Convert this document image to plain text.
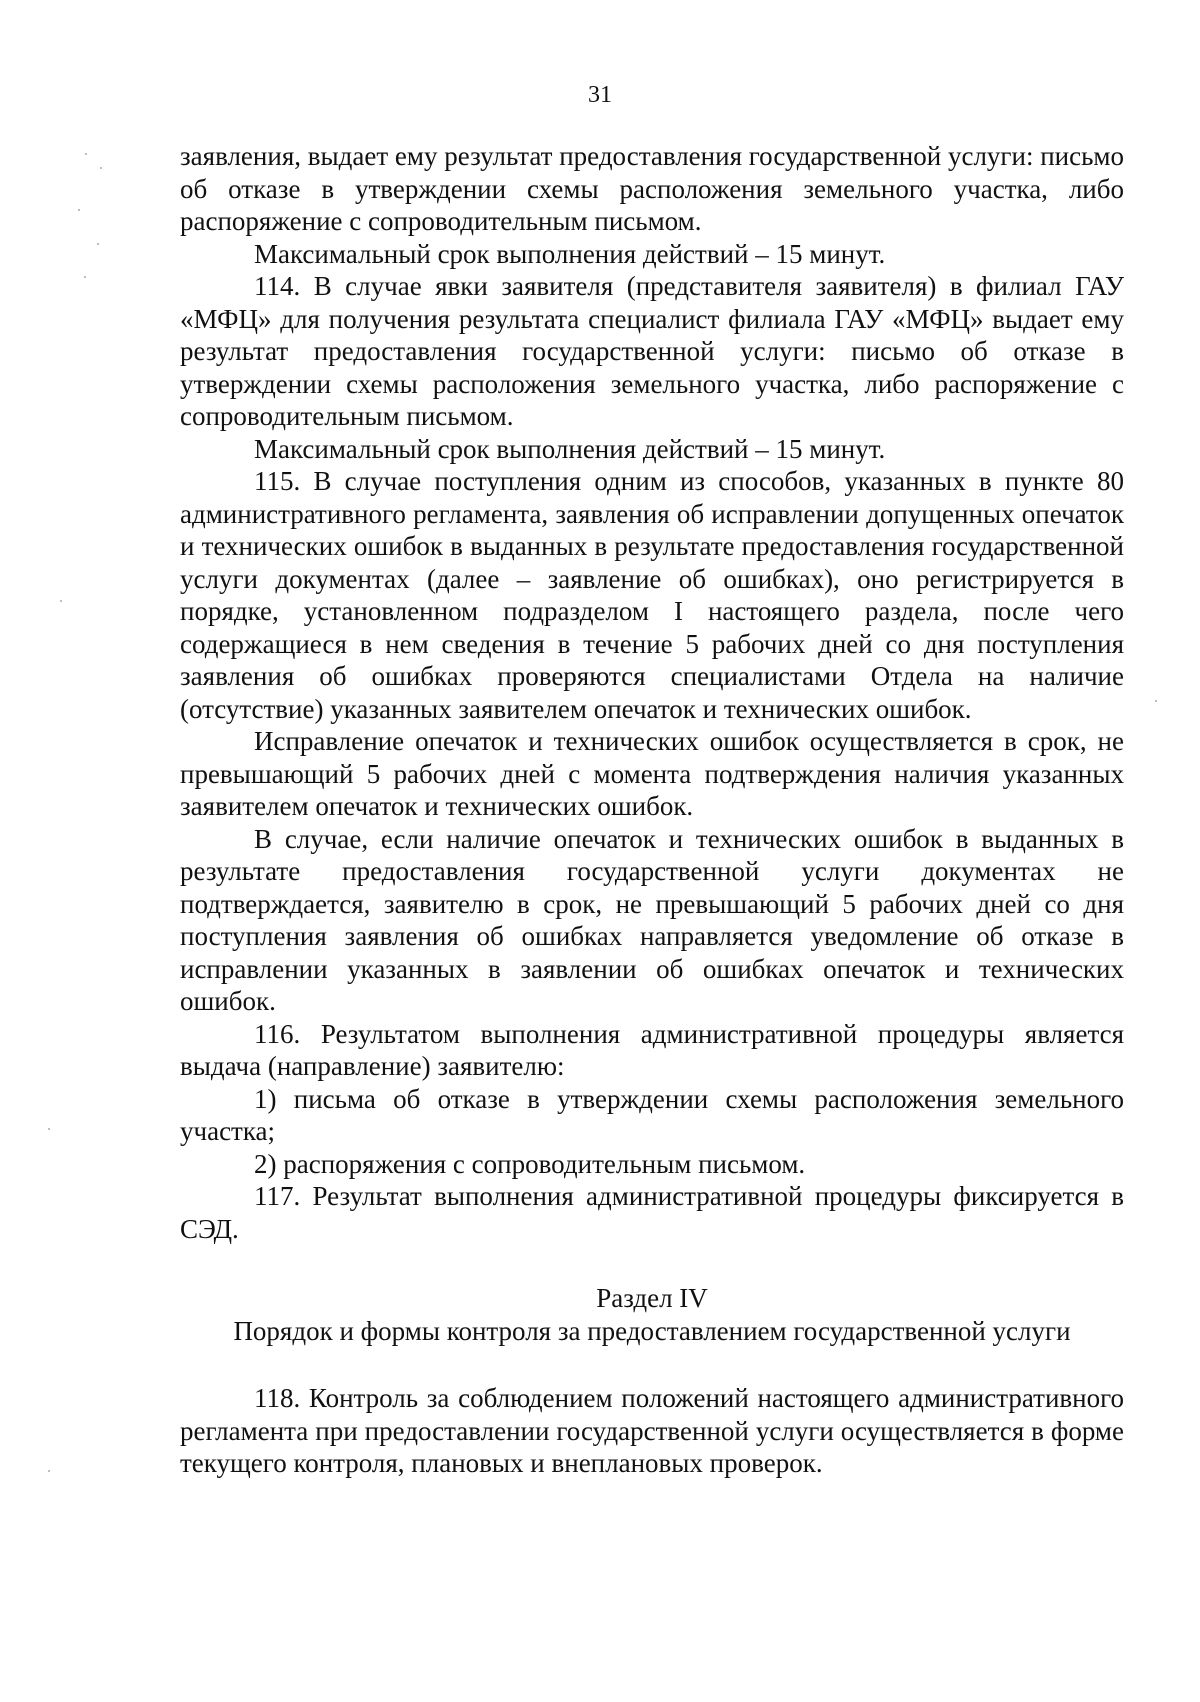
31

заявления, выдает ему результат предоставления государственной услуги: письмо об отказе в утверждении схемы расположения земельного участка, либо распоряжение с сопроводительным письмом.

Максимальный срок выполнения действий – 15 минут.

114. В случае явки заявителя (представителя заявителя) в филиал ГАУ «МФЦ» для получения результата специалист филиала ГАУ «МФЦ» выдает ему результат предоставления государственной услуги: письмо об отказе в утверждении схемы расположения земельного участка, либо распоряжение с сопроводительным письмом.

Максимальный срок выполнения действий – 15 минут.

115. В случае поступления одним из способов, указанных в пункте 80 административного регламента, заявления об исправлении допущенных опечаток и технических ошибок в выданных в результате предоставления государственной услуги документах (далее – заявление об ошибках), оно регистрируется в порядке, установленном подразделом I настоящего раздела, после чего содержащиеся в нем сведения в течение 5 рабочих дней со дня поступления заявления об ошибках проверяются специалистами Отдела на наличие (отсутствие) указанных заявителем опечаток и технических ошибок.

Исправление опечаток и технических ошибок осуществляется в срок, не превышающий 5 рабочих дней с момента подтверждения наличия указанных заявителем опечаток и технических ошибок.

В случае, если наличие опечаток и технических ошибок в выданных в результате предоставления государственной услуги документах не подтверждается, заявителю в срок, не превышающий 5 рабочих дней со дня поступления заявления об ошибках направляется уведомление об отказе в исправлении указанных в заявлении об ошибках опечаток и технических ошибок.

116. Результатом выполнения административной процедуры является выдача (направление) заявителю:

1) письма об отказе в утверждении схемы расположения земельного участка;

2) распоряжения с сопроводительным письмом.

117. Результат выполнения административной процедуры фиксируется в СЭД.

Раздел IV

Порядок и формы контроля за предоставлением государственной услуги

118. Контроль за соблюдением положений настоящего административного регламента при предоставлении государственной услуги осуществляется в форме текущего контроля, плановых и внеплановых проверок.
